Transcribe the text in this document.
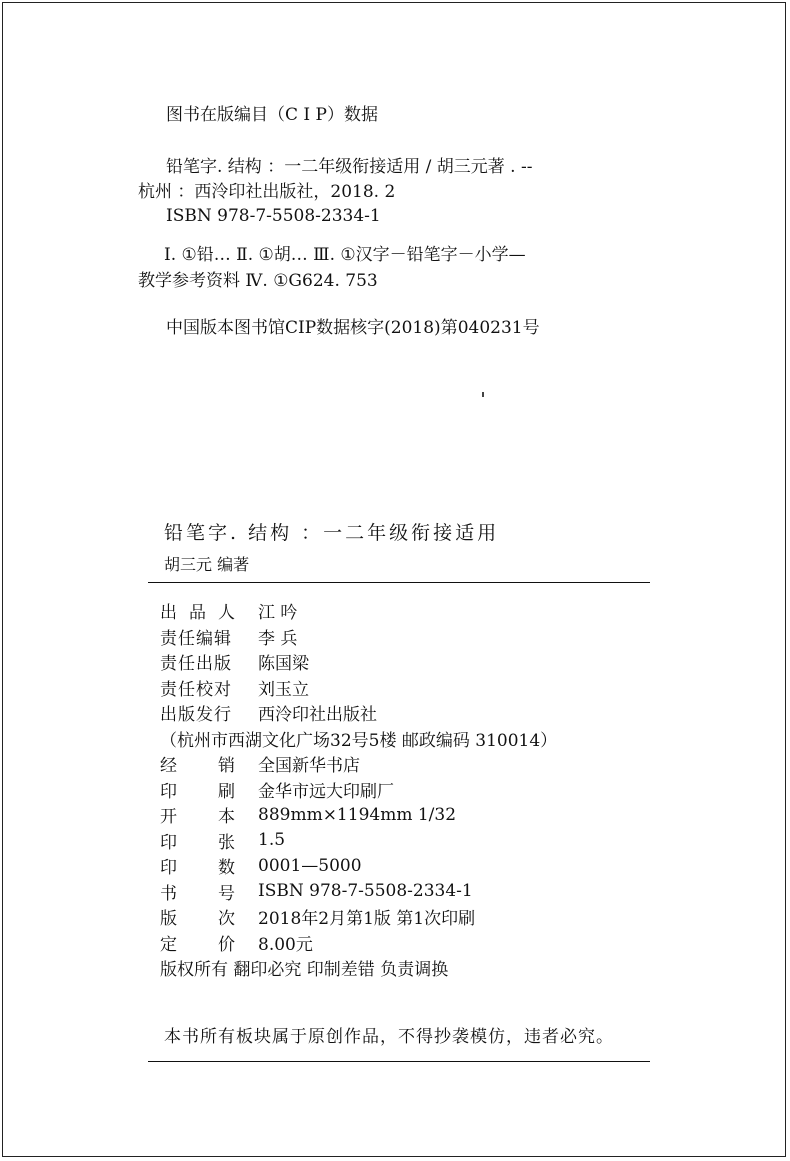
图书在版编目（C I P）数据
铅笔字. 结构 ：一二年级衔接适用 / 胡三元著 . --
杭州 ：西泠印社出版社，2018. 2
ISBN 978-7-5508-2334-1
Ⅰ. ①铅… Ⅱ. ①胡… Ⅲ. ①汉字－铅笔字－小学—
教学参考资料 Ⅳ. ①G624. 753
中国版本图书馆CIP数据核字(2018)第040231号
铅笔字. 结构 ：一二年级衔接适用
胡三元 编著
出品人 江 吟
责任编辑	李 兵
责任出版	陈国梁
责任校对	刘玉立
出版发行	西泠印社出版社
（杭州市西湖文化广场32号5楼 邮政编码 310014）
经销 全国新华书店
印刷 金华市远大印刷厂
开本 889mm×1194mm 1/32
印张 1.5
印数 0001—5000
书号 ISBN 978-7-5508-2334-1
版次 2018年2月第1版 第1次印刷
定价 8.00元
版权所有 翻印必究 印制差错 负责调换
本书所有板块属于原创作品，不得抄袭模仿，违者必究。
